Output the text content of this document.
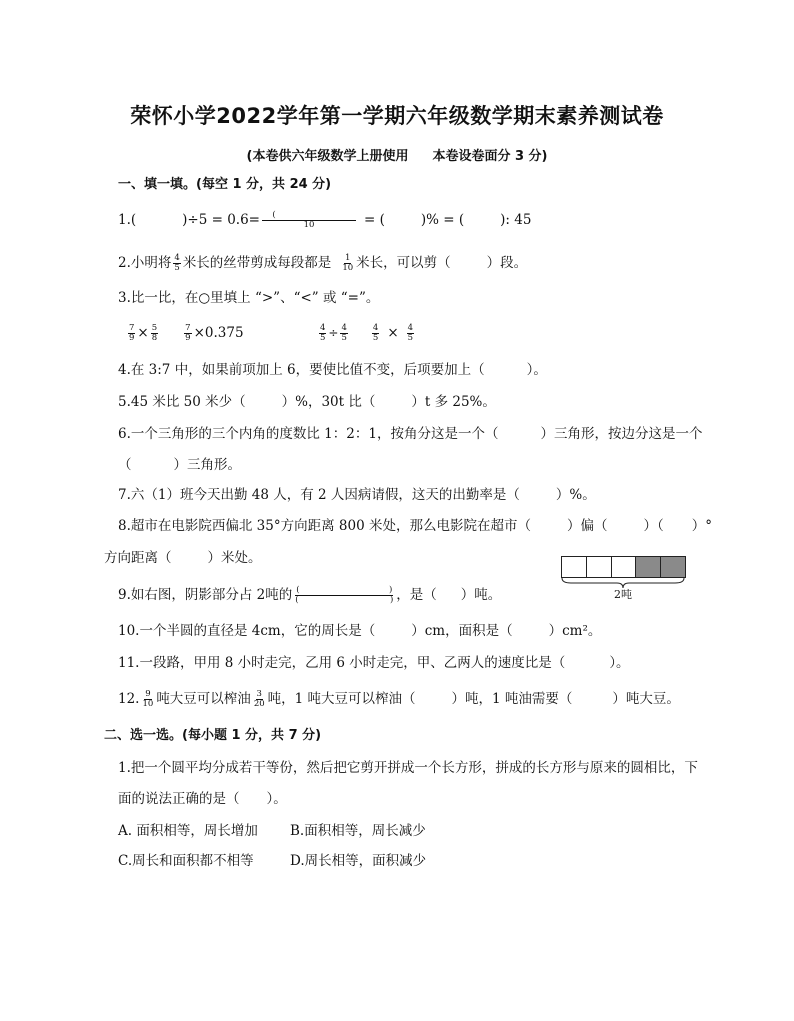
荣怀小学2022学年第一学期六年级数学期末素养测试卷
(本卷供六年级数学上册使用 本卷设卷面分 3 分)
一、填一填。(每空 1 分，共 24 分)
1.(	)$\div 5 = 0.6= \frac{(}{10}$ = (	)% = (	): 45
2.小明将 $\frac{4}{5}$ 米长的丝带剪成每段都是 $\frac{1}{10}$ 米长，可以剪（	）段。
3.比一比，在○里填上 “>”、“<” 或 “=”。
$\frac{7}{9} \times \frac{5}{8}$	$\frac{7}{9} \times 0.375$	$\frac{4}{5} \div \frac{4}{5}$	$\frac{4}{5} \times \frac{4}{5}$
4.在 3:7 中，如果前项加上 6，要使比值不变，后项要加上（	）。
5.45 米比 50 米少（	）%，30t 比（	）t 多 25%。
6.一个三角形的三个内角的度数比 1：2：1，按角分这是一个（	）三角形，按边分这是一个
（	）三角形。
7.六（1）班今天出勤 48 人，有 2 人因病请假，这天的出勤率是（	）%。
8.超市在电影院西偏北 35°方向距离 800 米处，那么电影院在超市（	）偏（	）（ ）°
方向距离（	）米处。
9.如右图，阴影部分占 2吨的 (	)
(	) ，是（ ）吨。	2吨
10.一个半圆的直径是 4cm，它的周长是（	）cm，面积是（	）cm²。
11.一段路，甲用 8 小时走完，乙用 6 小时走完，甲、乙两人的速度比是（	）。
12. $\frac{9}{10}$ 吨大豆可以榨油 $\frac{3}{20}$ 吨，1 吨大豆可以榨油（	）吨，1 吨油需要（	）吨大豆。
二、选一选。(每小题 1 分，共 7 分)
1.把一个圆平均分成若干等份，然后把它剪开拼成一个长方形，拼成的长方形与原来的圆相比，下
面的说法正确的是（　　）。
A. 面积相等，周长增加 B.面积相等，周长减少
C.周长和面积都不相等	D.周长相等，面积减少
